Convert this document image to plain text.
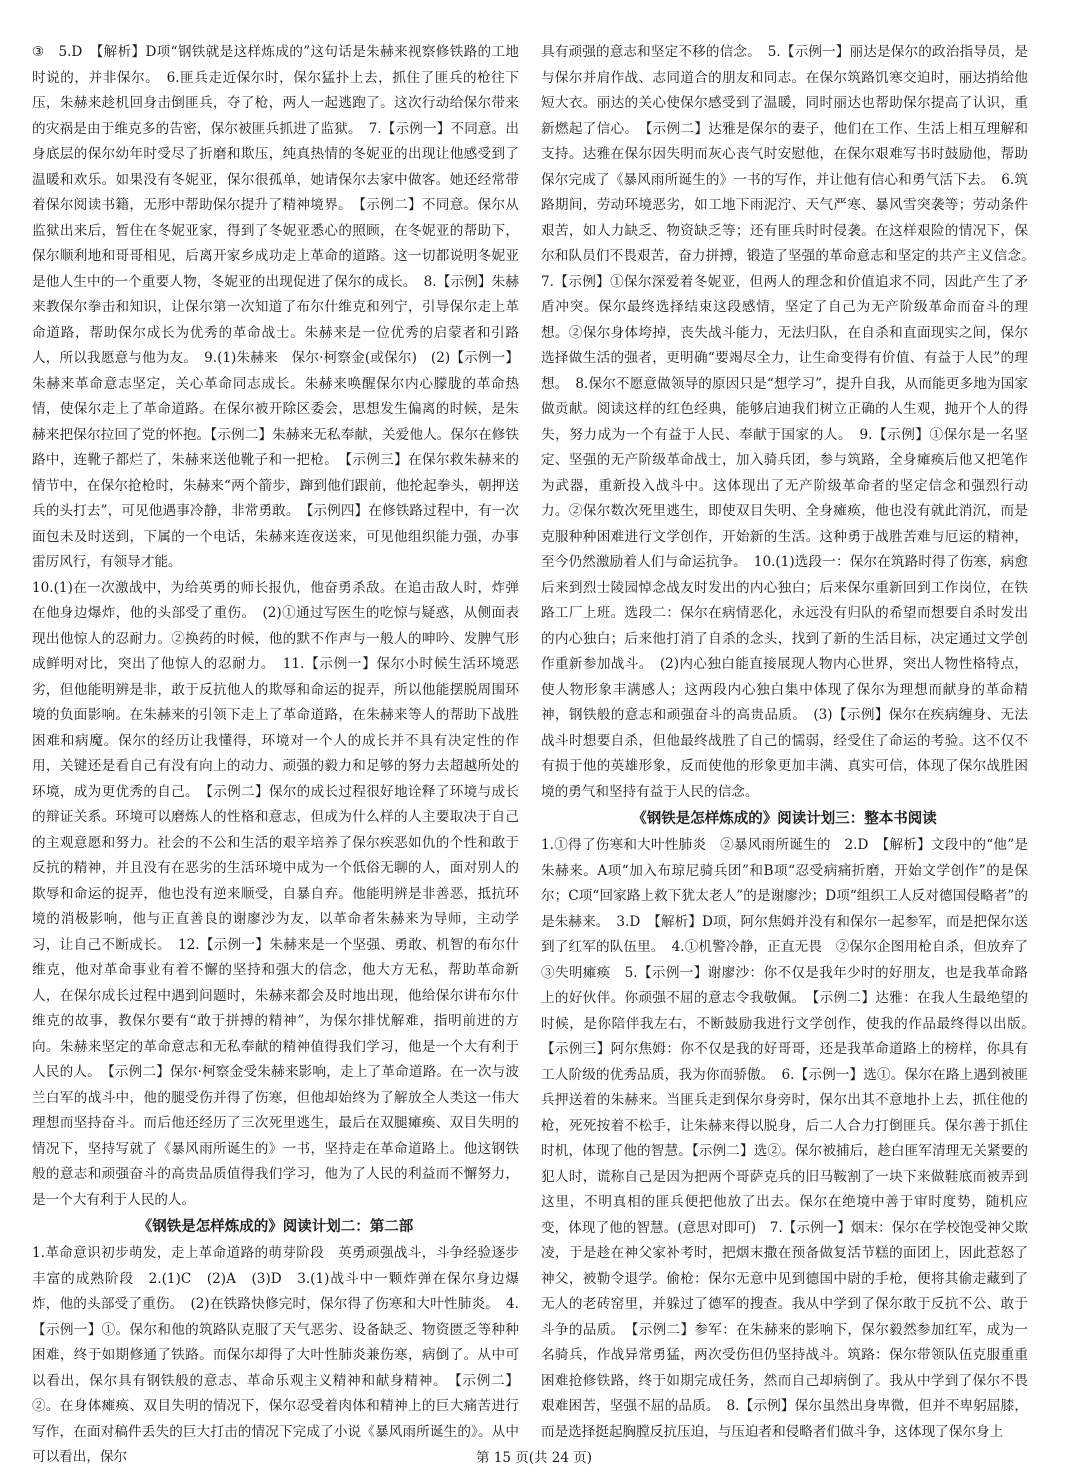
③　5.D　【解析】D项“钢铁就是这样炼成的”这句话是朱赫来视察修铁路的工地时说的，并非保尔。　6.匪兵走近保尔时，保尔猛扑上去，抓住了匪兵的枪往下压，朱赫来趁机回身击倒匪兵，夺了枪，两人一起逃跑了。这次行动给保尔带来的灾祸是由于维克多的告密，保尔被匪兵抓进了监狱。　7.【示例一】不同意。出身底层的保尔幼年时受尽了折磨和欺压，纯真热情的冬妮亚的出现让他感受到了温暖和欢乐。如果没有冬妮亚，保尔很孤单，她请保尔去家中做客。她还经常带着保尔阅读书籍，无形中帮助保尔提升了精神境界。　【示例二】不同意。保尔从监狱出来后，暂住在冬妮亚家，得到了冬妮亚悉心的照顾，在冬妮亚的帮助下，保尔顺利地和哥哥相见，后离开家乡成功走上革命的道路。这一切都说明冬妮亚是他人生中的一个重要人物，冬妮亚的出现促进了保尔的成长。　8.【示例】朱赫来教保尔拳击和知识，让保尔第一次知道了布尔什维克和列宁，引导保尔走上革命道路，帮助保尔成长为优秀的革命战士。朱赫来是一位优秀的启蒙者和引路人，所以我愿意与他为友。　9.(1)朱赫来　保尔·柯察金(或保尔)　(2)【示例一】朱赫来革命意志坚定，关心革命同志成长。朱赫来唤醒保尔内心朦胧的革命热情，使保尔走上了革命道路。在保尔被开除区委会，思想发生偏离的时候，是朱赫来把保尔拉回了党的怀抱。【示例二】朱赫来无私奉献，关爱他人。保尔在修铁路中，连靴子都烂了，朱赫来送他靴子和一把枪。　【示例三】在保尔救朱赫来的情节中，在保尔抢枪时，朱赫来“两个箭步，蹿到他们跟前，他抡起拳头，朝押送兵的头打去”，可见他遇事冷静，非常勇敢。　【示例四】在修铁路过程中，有一次面包未及时送到，下属的一个电话，朱赫来连夜送来，可见他组织能力强，办事雷厉风行，有领导才能。

10.(1)在一次激战中，为给英勇的师长报仇，他奋勇杀敌。在追击敌人时，炸弹在他身边爆炸，他的头部受了重伤。　(2)①通过写医生的吃惊与疑惑，从侧面表现出他惊人的忍耐力。②换药的时候，他的默不作声与一般人的呻吟、发脾气形成鲜明对比，突出了他惊人的忍耐力。　11.【示例一】保尔小时候生活环境恶劣，但他能明辨是非，敢于反抗他人的欺辱和命运的捉弄，所以他能摆脱周围环境的负面影响。在朱赫来的引领下走上了革命道路，在朱赫来等人的帮助下战胜困难和病魔。保尔的经历让我懂得，环境对一个人的成长并不具有决定性的作用，关键还是看自己有没有向上的动力、顽强的毅力和足够的努力去超越所处的环境，成为更优秀的自己。　【示例二】保尔的成长过程很好地诠释了环境与成长的辩证关系。环境可以磨炼人的性格和意志，但成为什么样的人主要取决于自己的主观意愿和努力。社会的不公和生活的艰辛培养了保尔疾恶如仇的个性和敢于反抗的精神，并且没有在恶劣的生活环境中成为一个低俗无聊的人，面对别人的欺辱和命运的捉弄，他也没有逆来顺受，自暴自弃。他能明辨是非善恶，抵抗环境的消极影响，他与正直善良的谢廖沙为友，以革命者朱赫来为导师，主动学习，让自己不断成长。　12.【示例一】朱赫来是一个坚强、勇敢、机智的布尔什维克，他对革命事业有着不懈的坚持和强大的信念，他大方无私，帮助革命新人，在保尔成长过程中遇到问题时，朱赫来都会及时地出现，他给保尔讲布尔什维克的故事，教保尔要有“敢于拼搏的精神”，为保尔排忧解难，指明前进的方向。朱赫来坚定的革命意志和无私奉献的精神值得我们学习，他是一个大有利于人民的人。　【示例二】保尔·柯察金受朱赫来影响，走上了革命道路。在一次与波兰白军的战斗中，他的腿受伤并得了伤寒，但他却始终为了解放全人类这一伟大理想而坚持奋斗。而后他还经历了三次死里逃生，最后在双腿瘫痪、双目失明的情况下，坚持写就了《暴风雨所诞生的》一书，坚持走在革命道路上。他这钢铁般的意志和顽强奋斗的高贵品质值得我们学习，他为了人民的利益而不懈努力，是一个大有利于人民的人。

《钢铁是怎样炼成的》阅读计划二：第二部

1.革命意识初步萌发，走上革命道路的萌芽阶段　英勇顽强战斗，斗争经验逐步丰富的成熟阶段　2.(1)C　(2)A　(3)D　3.(1)战斗中一颗炸弹在保尔身边爆炸，他的头部受了重伤。　(2)在铁路快修完时，保尔得了伤寒和大叶性肺炎。　4.【示例一】①。保尔和他的筑路队克服了天气恶劣、设备缺乏、物资匮乏等种种困难，终于如期修通了铁路。而保尔却得了大叶性肺炎兼伤寒，病倒了。从中可以看出，保尔具有钢铁般的意志、革命乐观主义精神和献身精神。　【示例二】②。在身体瘫痪、双目失明的情况下，保尔忍受着肉体和精神上的巨大痛苦进行写作，在面对稿件丢失的巨大打击的情况下完成了小说《暴风雨所诞生的》。从中可以看出，保尔

具有顽强的意志和坚定不移的信念。　5.【示例一】丽达是保尔的政治指导员，是与保尔并肩作战、志同道合的朋友和同志。在保尔筑路饥寒交迫时，丽达捎给他短大衣。丽达的关心使保尔感受到了温暖，同时丽达也帮助保尔提高了认识，重新燃起了信心。　【示例二】达雅是保尔的妻子，他们在工作、生活上相互理解和支持。达雅在保尔因失明而灰心丧气时安慰他，在保尔艰难写书时鼓励他，帮助保尔完成了《暴风雨所诞生的》一书的写作，并让他有信心和勇气活下去。　6.筑路期间，劳动环境恶劣，如工地下雨泥泞、天气严寒、暴风雪突袭等；劳动条件艰苦，如人力缺乏、物资缺乏等；还有匪兵时时侵袭。在这样艰险的情况下，保尔和队员们不畏艰苦，奋力拼搏，锻造了坚强的革命意志和坚定的共产主义信念。　7.【示例】①保尔深爱着冬妮亚，但两人的理念和价值追求不同，因此产生了矛盾冲突。保尔最终选择结束这段感情，坚定了自己为无产阶级革命而奋斗的理想。②保尔身体垮掉，丧失战斗能力，无法归队，在自杀和直面现实之间，保尔选择做生活的强者，更明确“要竭尽全力，让生命变得有价值、有益于人民”的理想。　8.保尔不愿意做领导的原因只是“想学习”，提升自我，从而能更多地为国家做贡献。阅读这样的红色经典，能够启迪我们树立正确的人生观，抛开个人的得失，努力成为一个有益于人民、奉献于国家的人。　9.【示例】①保尔是一名坚定、坚强的无产阶级革命战士，加入骑兵团，参与筑路，全身瘫痪后他又把笔作为武器，重新投入战斗中。这体现出了无产阶级革命者的坚定信念和强烈行动力。②保尔数次死里逃生，即使双目失明、全身瘫痪，他也没有就此消沉，而是克服种种困难进行文学创作，开始新的生活。这种勇于战胜苦难与厄运的精神，至今仍然激励着人们与命运抗争。　10.(1)选段一：保尔在筑路时得了伤寒，病愈后来到烈士陵园悼念战友时发出的内心独白；后来保尔重新回到工作岗位，在铁路工厂上班。选段二：保尔在病情恶化，永远没有归队的希望而想要自杀时发出的内心独白；后来他打消了自杀的念头，找到了新的生活目标，决定通过文学创作重新参加战斗。　(2)内心独白能直接展现人物内心世界，突出人物性格特点，使人物形象丰满感人；这两段内心独白集中体现了保尔为理想而献身的革命精神，钢铁般的意志和顽强奋斗的高贵品质。　(3)【示例】保尔在疾病缠身、无法战斗时想要自杀，但他最终战胜了自己的懦弱，经受住了命运的考验。这不仅不有损于他的英雄形象，反而使他的形象更加丰满、真实可信，体现了保尔战胜困境的勇气和坚持有益于人民的信念。

《钢铁是怎样炼成的》阅读计划三：整本书阅读

1.①得了伤寒和大叶性肺炎　②暴风雨所诞生的　2.D　【解析】文段中的“他”是朱赫来。A项“加入布琼尼骑兵团”和B项“忍受病痛折磨，开始文学创作”的是保尔；C项“回家路上救下犹太老人”的是谢廖沙；D项“组织工人反对德国侵略者”的是朱赫来。　3.D　【解析】D项，阿尔焦姆并没有和保尔一起参军，而是把保尔送到了红军的队伍里。　4.①机警冷静，正直无畏　②保尔企图用枪自杀，但放弃了　③失明瘫痪　5.【示例一】谢廖沙：你不仅是我年少时的好朋友，也是我革命路上的好伙伴。你顽强不屈的意志令我敬佩。　【示例二】达雅：在我人生最绝望的时候，是你陪伴我左右，不断鼓励我进行文学创作，使我的作品最终得以出版。　【示例三】阿尔焦姆：你不仅是我的好哥哥，还是我革命道路上的榜样，你具有工人阶级的优秀品质，我为你而骄傲。　6.【示例一】选①。保尔在路上遇到被匪兵押送着的朱赫来。当匪兵走到保尔身旁时，保尔出其不意地扑上去，抓住他的枪，死死按着不松手，让朱赫来得以脱身，后二人合力打倒匪兵。保尔善于抓住时机，体现了他的智慧。【示例二】选②。保尔被捕后，趁白匪军清理无关紧要的犯人时，谎称自己是因为把两个哥萨克兵的旧马鞍割了一块下来做鞋底而被弄到这里，不明真相的匪兵便把他放了出去。保尔在绝境中善于审时度势，随机应变，体现了他的智慧。(意思对即可)　7.【示例一】烟末：保尔在学校饱受神父欺凌，于是趁在神父家补考时，把烟末撒在预备做复活节糕的面团上，因此惹怒了神父，被勒令退学。偷枪：保尔无意中见到德国中尉的手枪，便将其偷走藏到了无人的老砖窑里，并躲过了德军的搜查。我从中学到了保尔敢于反抗不公、敢于斗争的品质。　【示例二】参军：在朱赫来的影响下，保尔毅然参加红军，成为一名骑兵，作战异常勇猛，两次受伤但仍坚持战斗。筑路：保尔带领队伍克服重重困难抢修铁路，终于如期完成任务，然而自己却病倒了。我从中学到了保尔不畏艰难困苦，坚强不屈的品质。　8.【示例】保尔虽然出身卑微，但并不卑躬屈膝，而是选择挺起胸膛反抗压迫，与压迫者和侵略者们做斗争，这体现了保尔身上

第 15 页(共 24 页)
